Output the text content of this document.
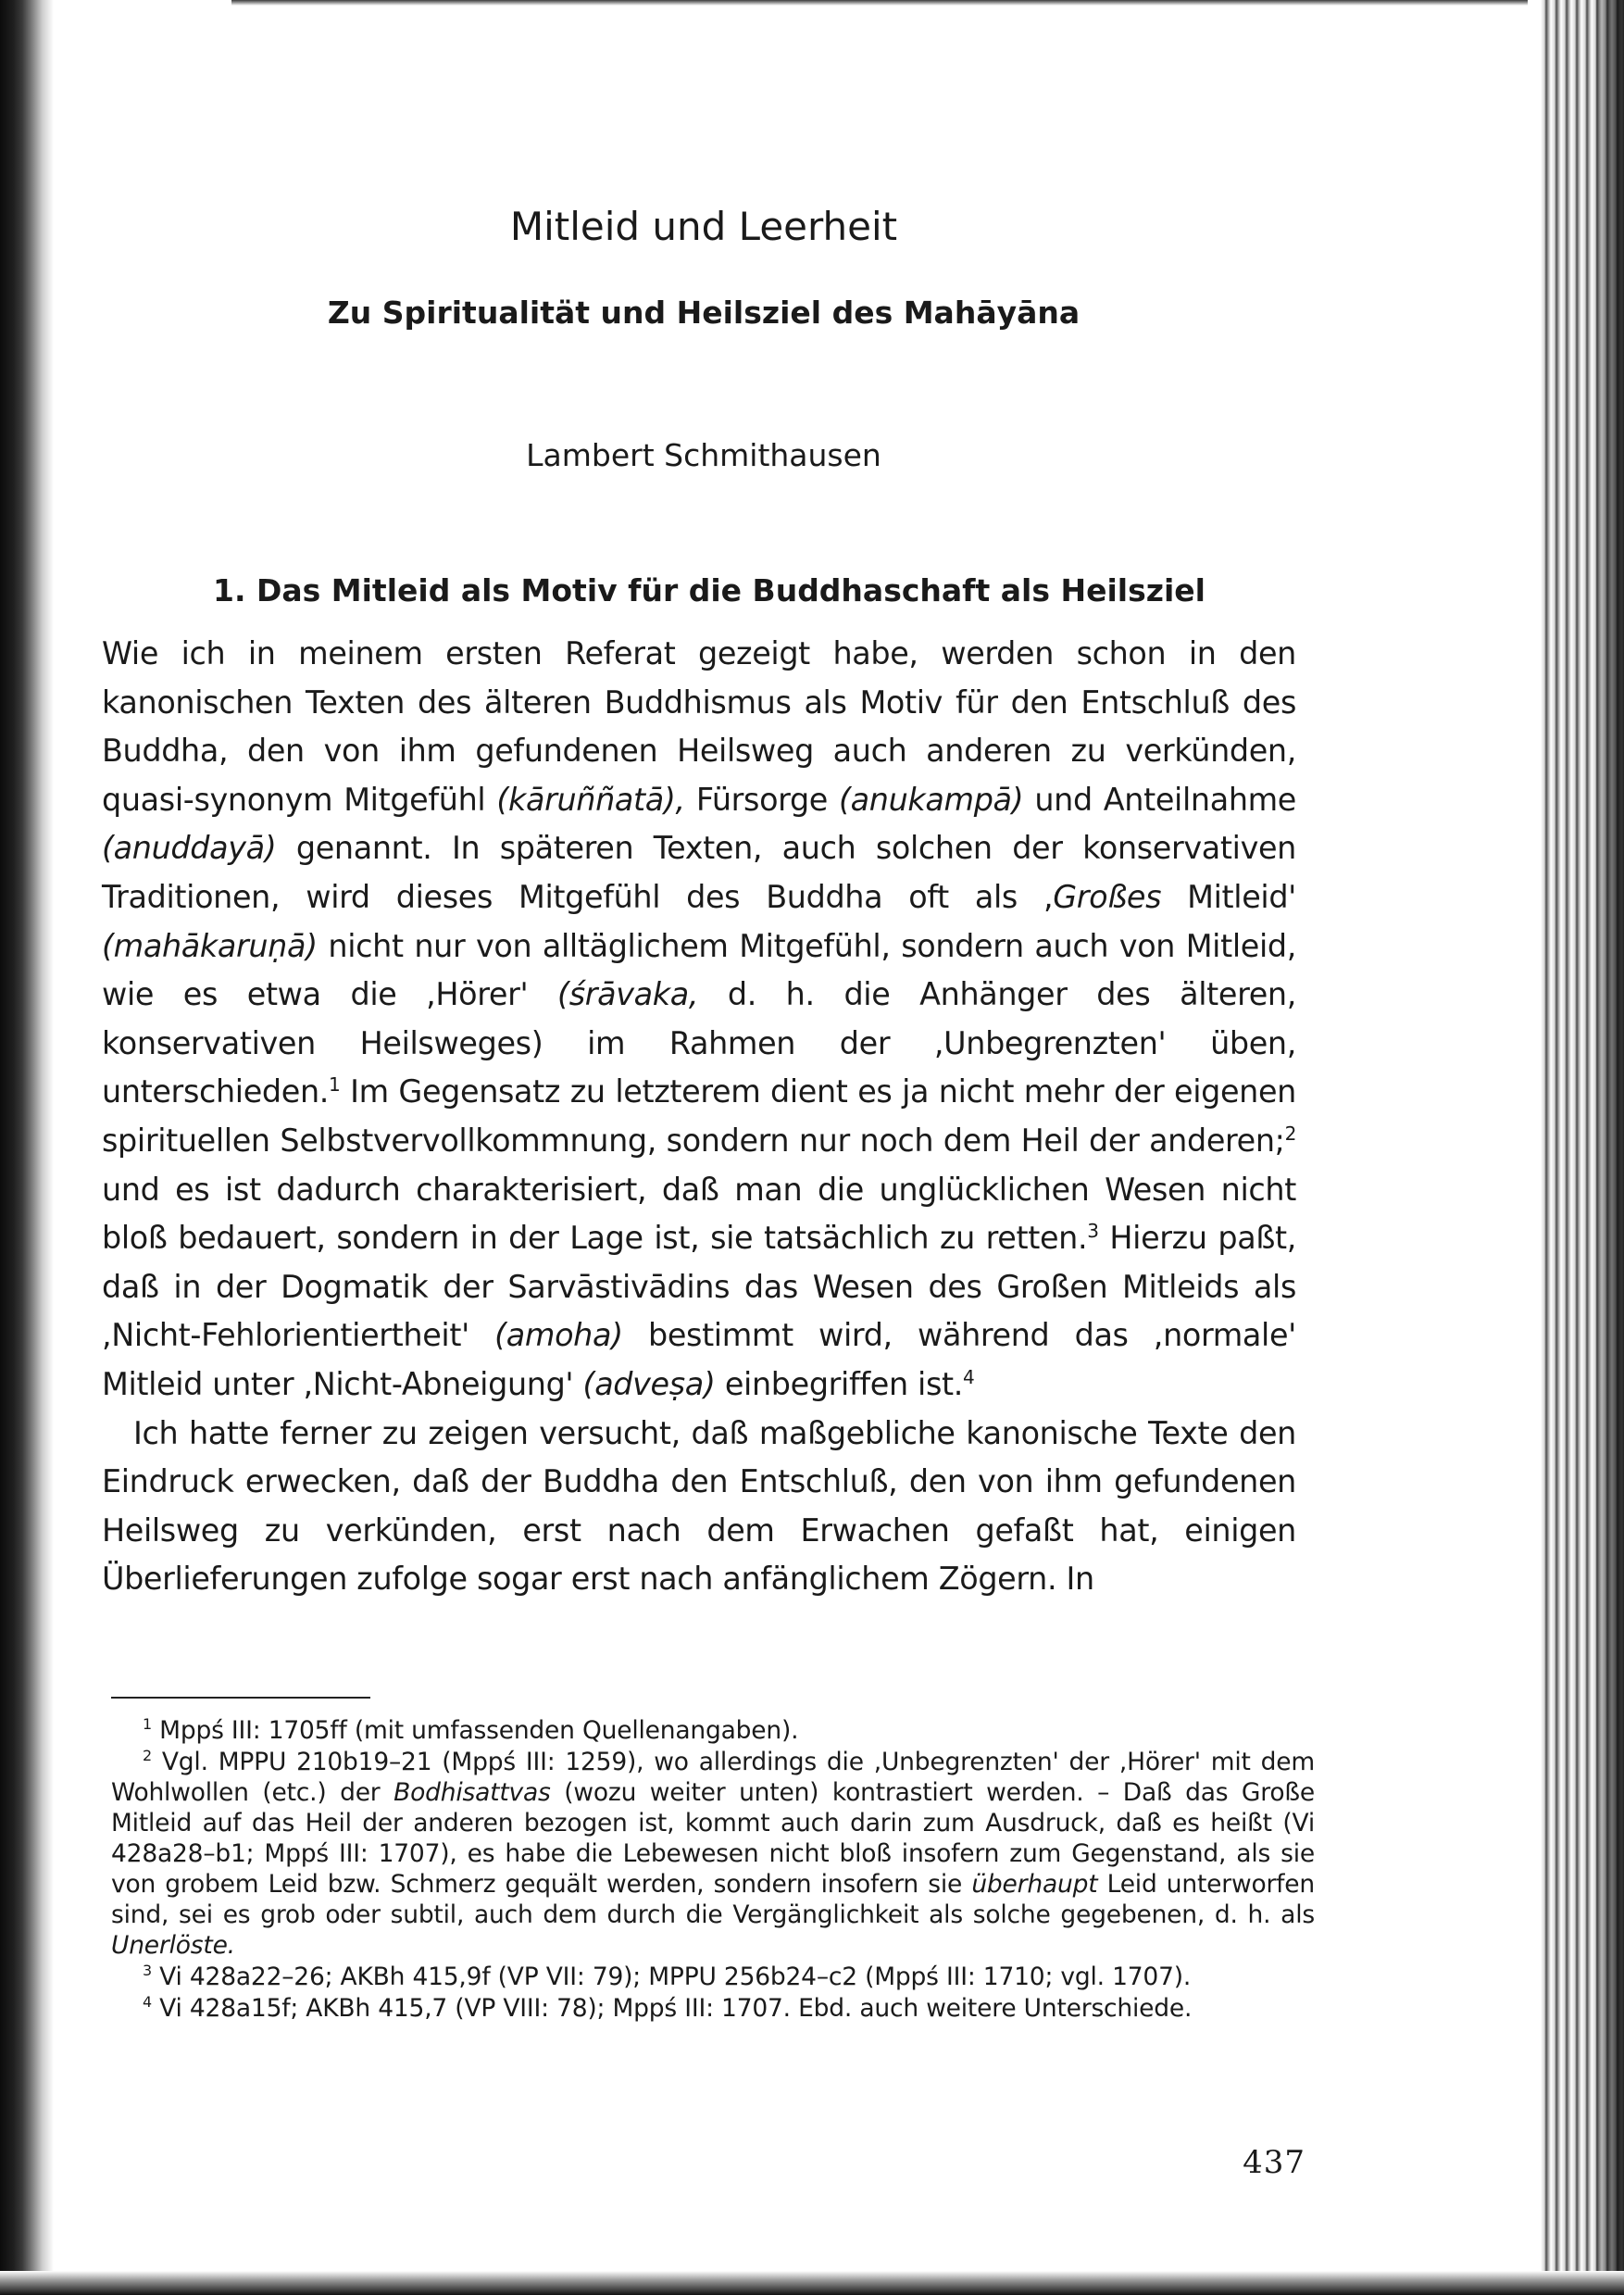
Mitleid und Leerheit
Zu Spiritualität und Heilsziel des Mahāyāna
Lambert Schmithausen
1. Das Mitleid als Motiv für die Buddhaschaft als Heilsziel

Wie ich in meinem ersten Referat gezeigt habe, werden schon in den kanonischen Texten des älteren Buddhismus als Motiv für den Entschluß des Buddha, den von ihm gefundenen Heilsweg auch anderen zu verkünden, quasi-synonym Mitgefühl (kāruññatā), Fürsorge (anukampā) und Anteilnahme (anuddayā) genannt. In späteren Texten, auch solchen der konservativen Traditionen, wird dieses Mitgefühl des Buddha oft als ,Großes Mitleid' (mahākaruṇā) nicht nur von alltäglichem Mitgefühl, sondern auch von Mitleid, wie es etwa die ,Hörer' (śrāvaka, d. h. die Anhänger des älteren, konservativen Heilsweges) im Rahmen der ,Unbegrenzten' üben, unterschieden.$^1$ Im Gegensatz zu letzterem dient es ja nicht mehr der eigenen spirituellen Selbstvervollkommnung, sondern nur noch dem Heil der anderen;$^2$ und es ist dadurch charakterisiert, daß man die unglücklichen Wesen nicht bloß bedauert, sondern in der Lage ist, sie tatsächlich zu retten.$^3$ Hierzu paßt, daß in der Dogmatik der Sarvāstivādins das Wesen des Großen Mitleids als ,Nicht-Fehlorientiertheit' (amoha) bestimmt wird, während das ,normale' Mitleid unter ,Nicht-Abneigung' (adveṣa) einbegriffen ist.$^4$

Ich hatte ferner zu zeigen versucht, daß maßgebliche kanonische Texte den Eindruck erwecken, daß der Buddha den Entschluß, den von ihm gefundenen Heilsweg zu verkünden, erst nach dem Erwachen gefaßt hat, einigen Überlieferungen zufolge sogar erst nach anfänglichem Zögern. In

$^1$ Mppś III: 1705ff (mit umfassenden Quellenangaben).

$^2$ Vgl. MPPU 210b19–21 (Mppś III: 1259), wo allerdings die ,Unbegrenzten' der ,Hörer' mit dem Wohlwollen (etc.) der Bodhisattvas (wozu weiter unten) kontrastiert werden. – Daß das Große Mitleid auf das Heil der anderen bezogen ist, kommt auch darin zum Ausdruck, daß es heißt (Vi 428a28–b1; Mppś III: 1707), es habe die Lebewesen nicht bloß insofern zum Gegenstand, als sie von grobem Leid bzw. Schmerz gequält werden, sondern insofern sie überhaupt Leid unterworfen sind, sei es grob oder subtil, auch dem durch die Vergänglichkeit als solche gegebenen, d. h. als Unerlöste.

$^3$ Vi 428a22–26; AKBh 415,9f (VP VII: 79); MPPU 256b24–c2 (Mppś III: 1710; vgl. 1707).

$^4$ Vi 428a15f; AKBh 415,7 (VP VIII: 78); Mppś III: 1707. Ebd. auch weitere Unterschiede.

437
